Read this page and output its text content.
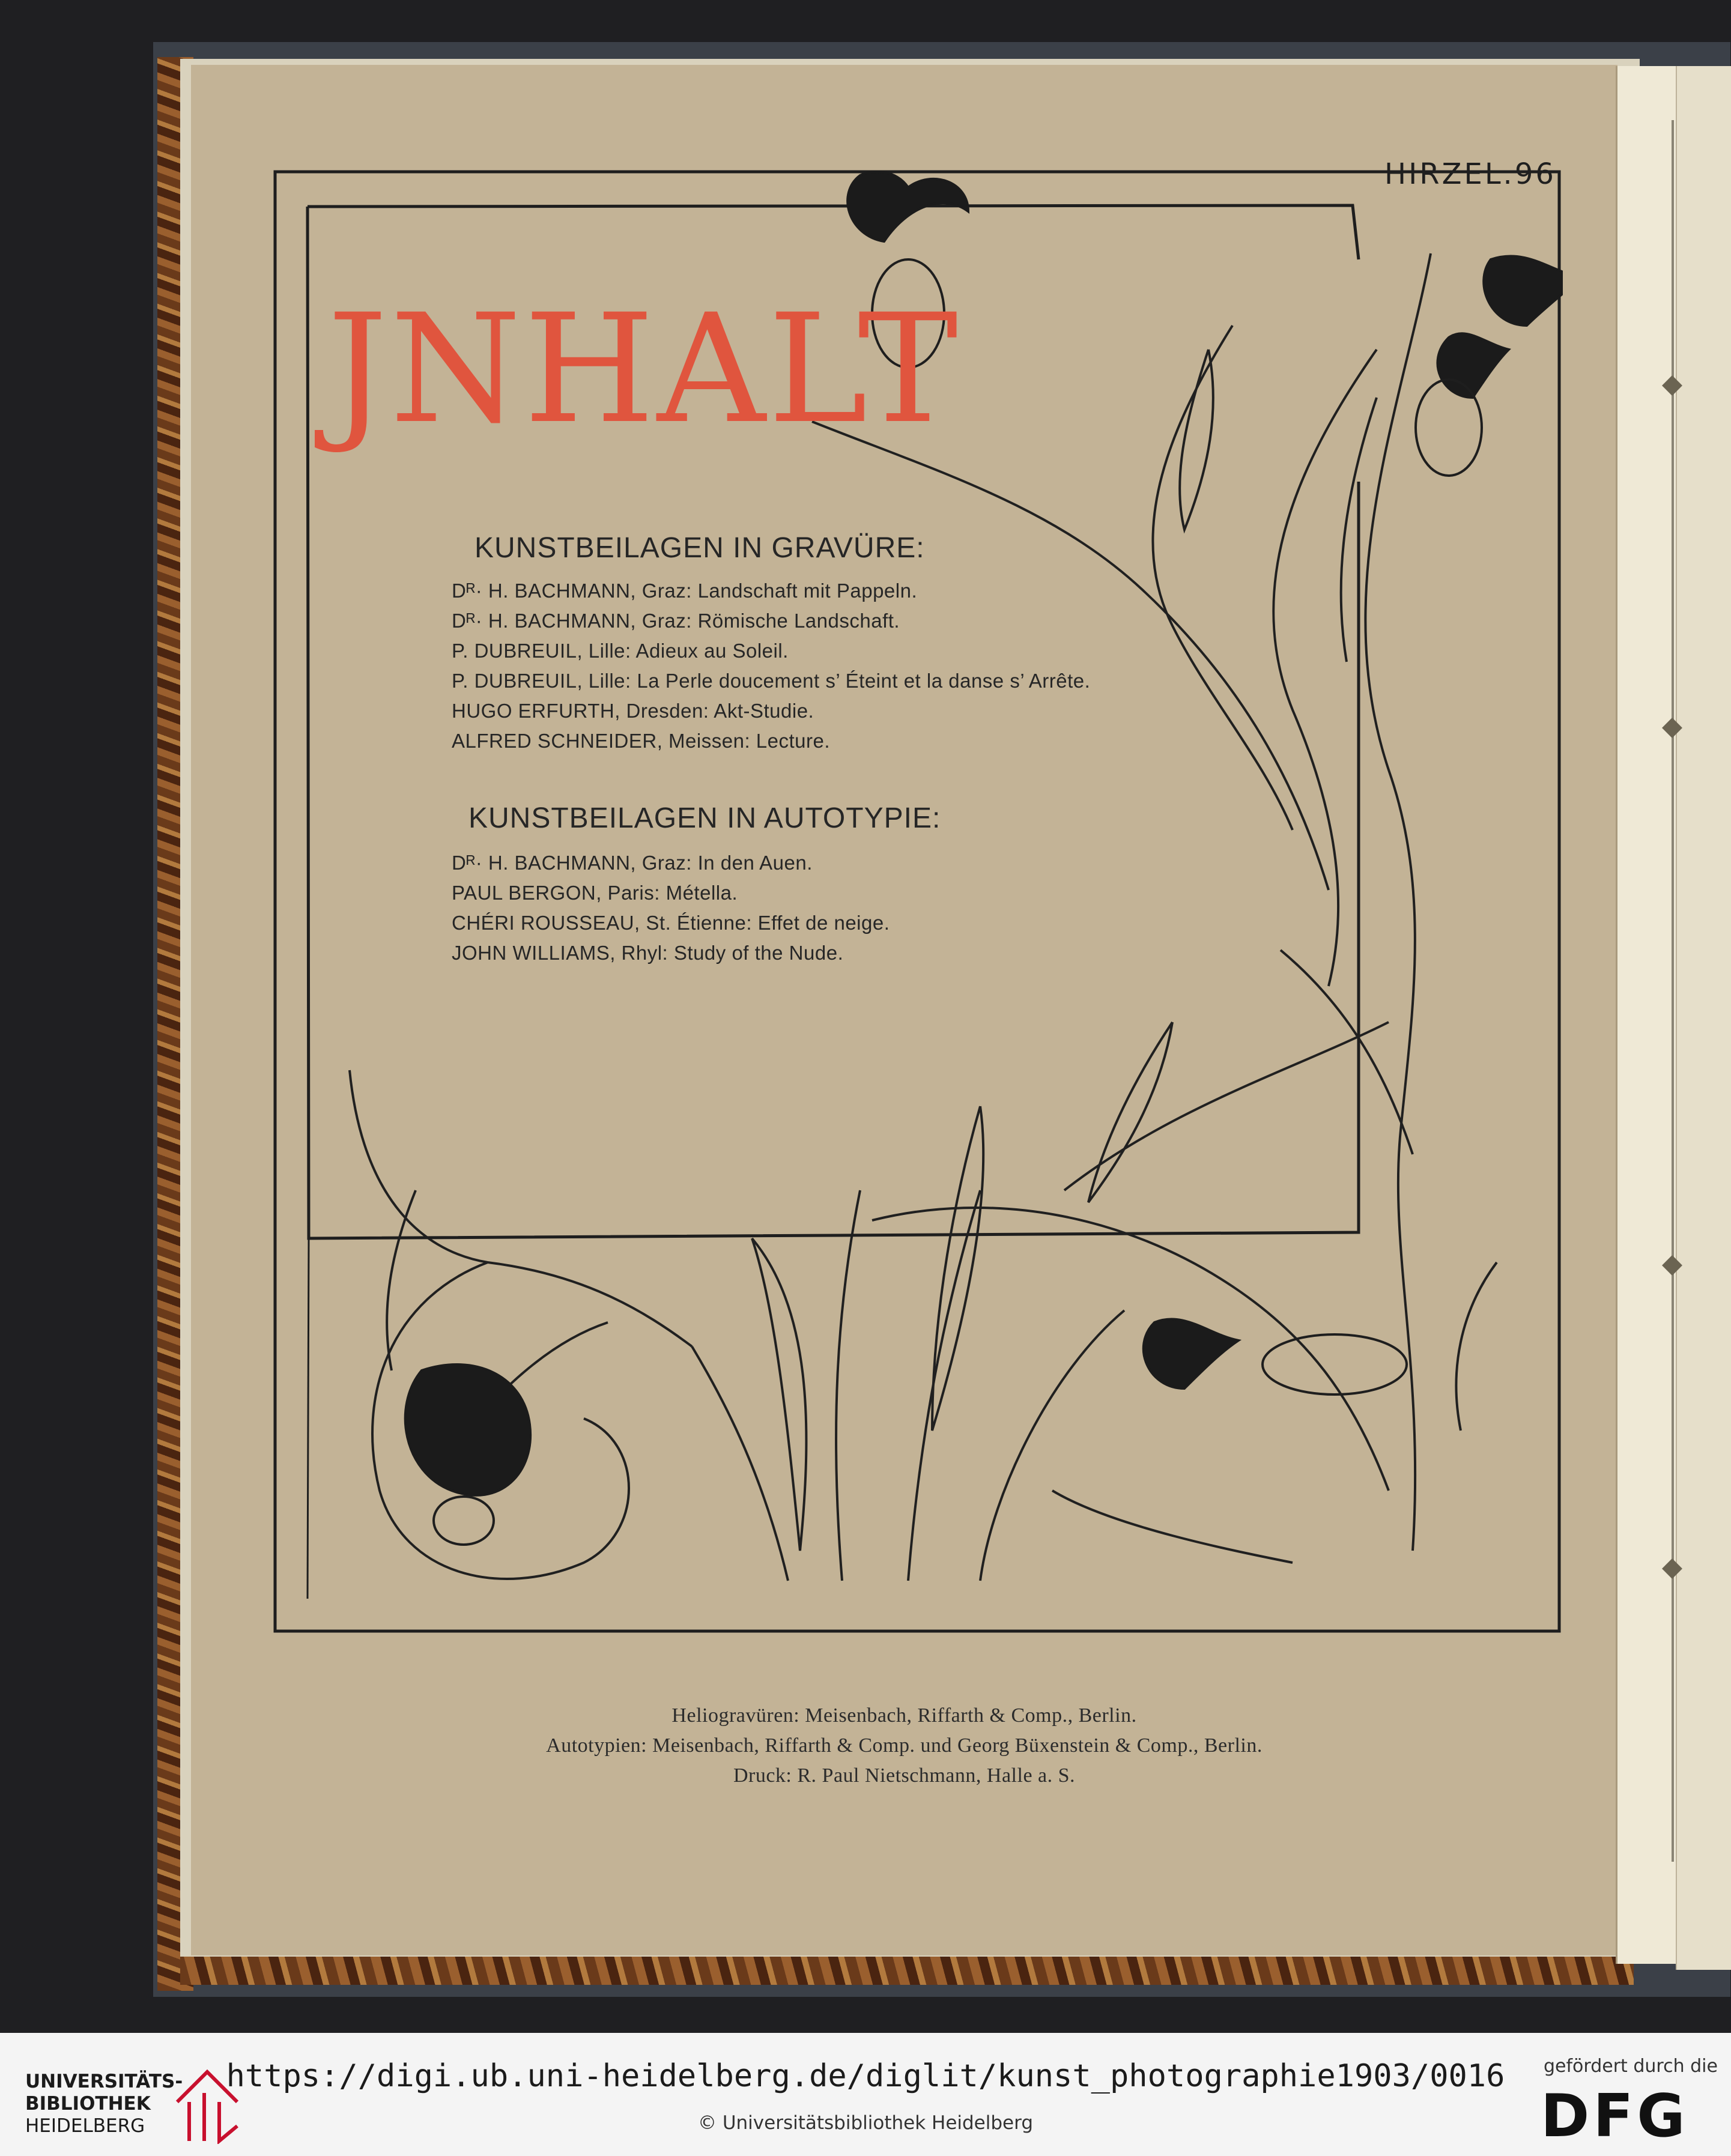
JNHALT
HIRZEL.96
KUNSTBEILAGEN IN GRAVÜRE:
Dᴿ· H. BACHMANN, Graz: Landschaft mit Pappeln.
Dᴿ· H. BACHMANN, Graz: Römische Landschaft.
P. DUBREUIL, Lille: Adieux au Soleil.
P. DUBREUIL, Lille: La Perle doucement s’ Éteint et la danse s’ Arrête.
HUGO ERFURTH, Dresden: Akt-Studie.
ALFRED SCHNEIDER, Meissen: Lecture.
KUNSTBEILAGEN IN AUTOTYPIE:
Dᴿ· H. BACHMANN, Graz: In den Auen.
PAUL BERGON, Paris: Métella.
CHÉRI ROUSSEAU, St. Étienne: Effet de neige.
JOHN WILLIAMS, Rhyl: Study of the Nude.
Heliogravüren: Meisenbach, Riffarth & Comp., Berlin.
Autotypien: Meisenbach, Riffarth & Comp. und Georg Büxenstein & Comp., Berlin.
Druck: R. Paul Nietschmann, Halle a. S.
UNIVERSITÄTS-
BIBLIOTHEK
HEIDELBERG
https://digi.ub.uni-heidelberg.de/diglit/kunst_photographie1903/0016
© Universitätsbibliothek Heidelberg
gefördert durch die
DFG
